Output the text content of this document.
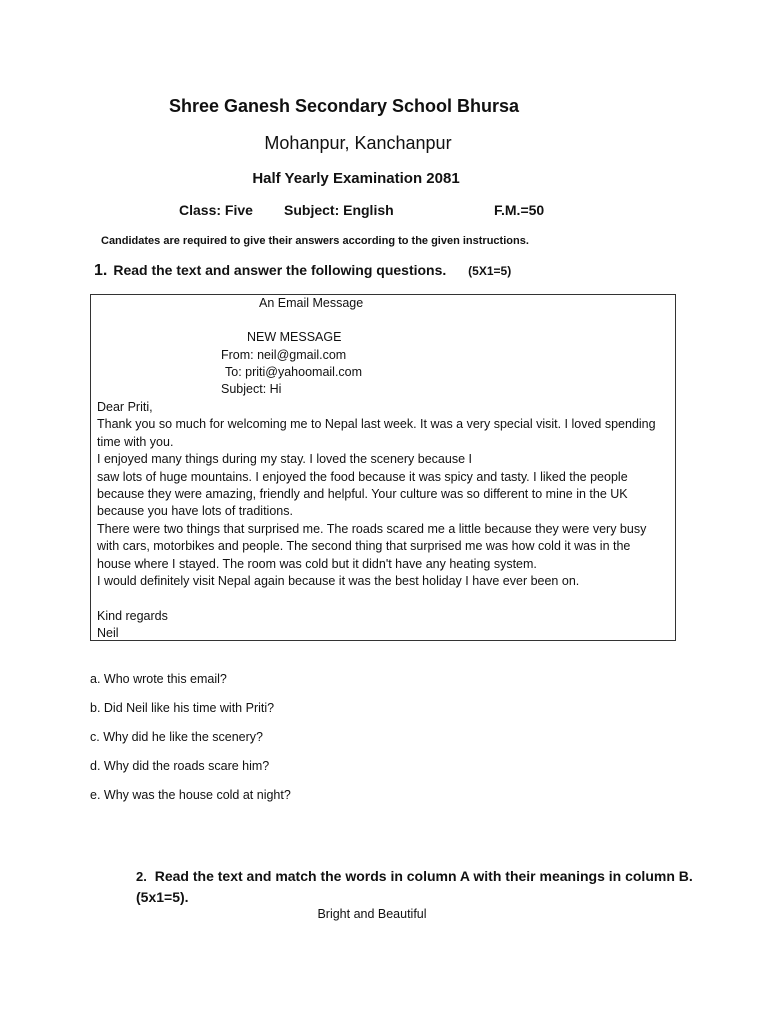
Shree Ganesh Secondary School Bhursa
Mohanpur, Kanchanpur
Half Yearly Examination 2081
Class: Five Subject: English	F.M.=50
Candidates are required to give their answers according to the given instructions.
1. Read the text and answer the following questions. (5X1=5)
An Email Message
NEW MESSAGE
From: neil@gmail.com
To: priti@yahoomail.com
Subject: Hi

Dear Priti,

Thank you so much for welcoming me to Nepal last week. It was a very special visit. I loved spending time with you.

I enjoyed many things during my stay. I loved the scenery because I

saw lots of huge mountains. I enjoyed the food because it was spicy and tasty. I liked the people because they were amazing, friendly and helpful. Your culture was so different to mine in the UK because you have lots of traditions.

There were two things that surprised me. The roads scared me a little because they were very busy with cars, motorbikes and people. The second thing that surprised me was how cold it was in the house where I stayed. The room was cold but it didn't have any heating system.

I would definitely visit Nepal again because it was the best holiday I have ever been on.

Kind regards

Neil

a. Who wrote this email?
b. Did Neil like his time with Priti?
c. Why did he like the scenery?
d. Why did the roads scare him?
e. Why was the house cold at night?
2. Read the text and match the words in column A with their meanings in column B. (5x1=5).
Bright and Beautiful
